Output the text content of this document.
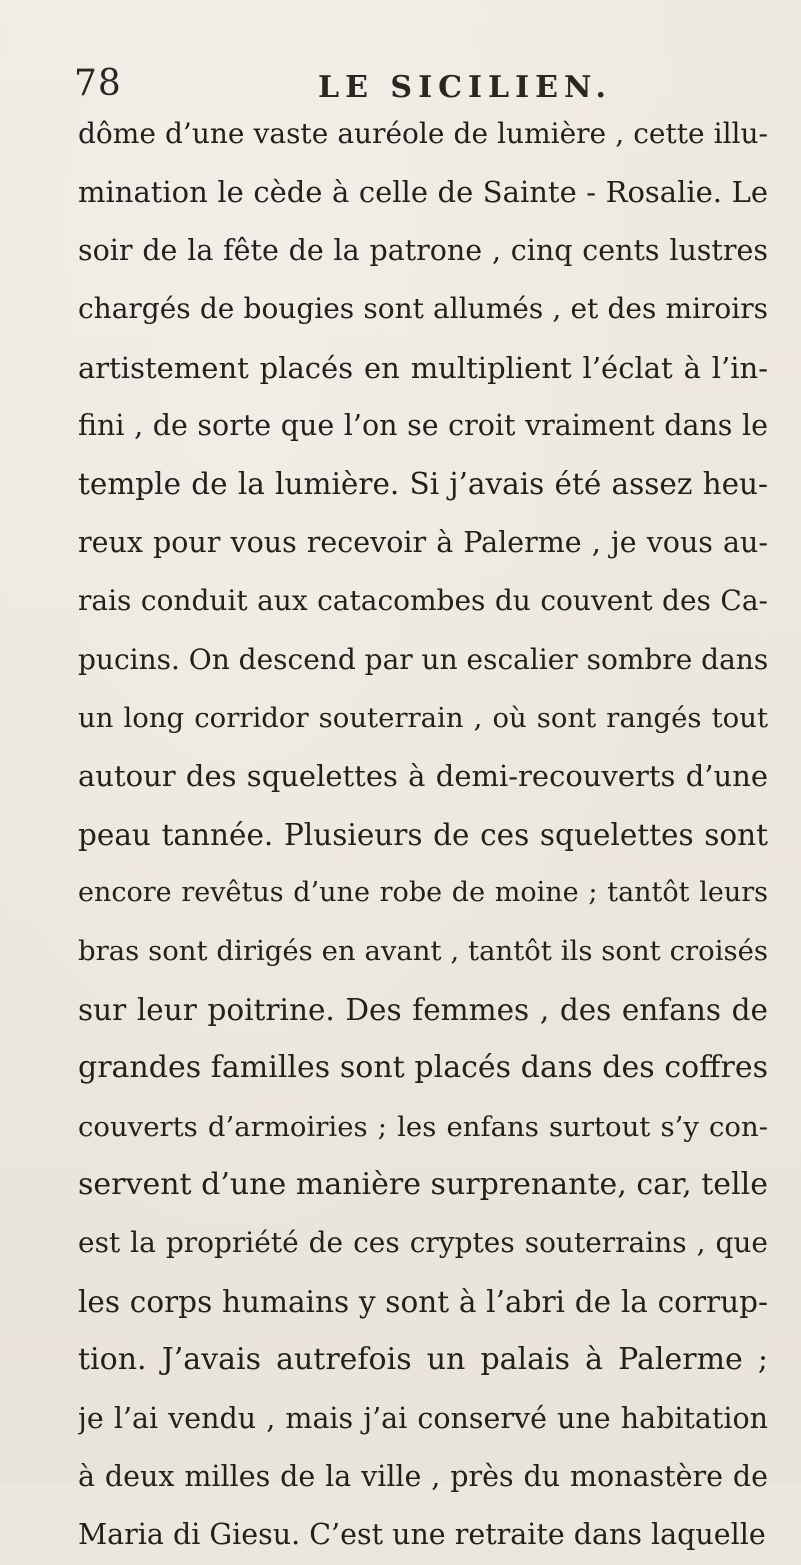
78	LE SICILIEN.
dôme d’une vaste auréole de lumière , cette illu-
mination le cède à celle de Sainte - Rosalie. Le
soir de la fête de la patrone , cinq cents lustres
chargés de bougies sont allumés , et des miroirs
artistement placés en multiplient l’éclat à l’in-
fini , de sorte que l’on se croit vraiment dans le
temple de la lumière. Si j’avais été assez heu-
reux pour vous recevoir à Palerme , je vous au-
rais conduit aux catacombes du couvent des Ca-
pucins. On descend par un escalier sombre dans
un long corridor souterrain , où sont rangés tout
autour des squelettes à demi-recouverts d’une
peau tannée. Plusieurs de ces squelettes sont
encore revêtus d’une robe de moine ; tantôt leurs
bras sont dirigés en avant , tantôt ils sont croisés
sur leur poitrine. Des femmes , des enfans de
grandes familles sont placés dans des coffres
couverts d’armoiries ; les enfans surtout s’y con-
servent d’une manière surprenante, car, telle
est la propriété de ces cryptes souterrains , que
les corps humains y sont à l’abri de la corrup-
tion. J’avais autrefois un palais à Palerme ;
je l’ai vendu , mais j’ai conservé une habitation
à deux milles de la ville , près du monastère de
Maria di Giesu. C’est une retraite dans laquelle
